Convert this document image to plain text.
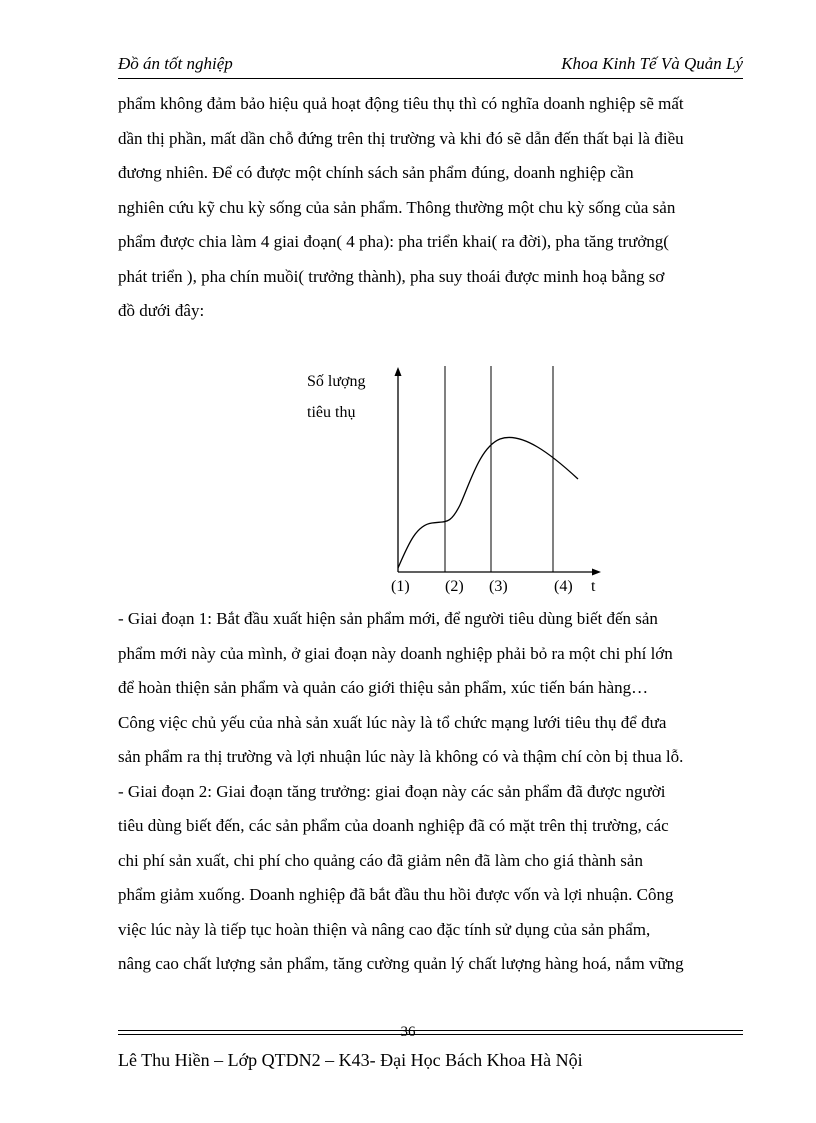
Đồ án tốt nghiệp	Khoa Kinh Tế Và Quản Lý
phẩm không đảm bảo hiệu quả hoạt động tiêu thụ thì có nghĩa doanh nghiệp sẽ mất
dần thị phần, mất dần chỗ đứng trên thị trường và khi đó sẽ dẫn đến thất bại là điều
đương nhiên. Để có được một chính sách sản phẩm đúng, doanh nghiệp cần
nghiên cứu kỹ chu kỳ sống của sản phẩm. Thông thường một chu kỳ sống của sản
phẩm được chia làm 4 giai đoạn( 4 pha): pha triển khai( ra đời), pha tăng trưởng(
phát triển ), pha chín muồi( trưởng thành), pha suy thoái được minh hoạ bằng sơ
đồ dưới đây:
Số lượng
tiêu thụ
(1) (2) (3)	(4) t
- Giai đoạn 1: Bắt đầu xuất hiện sản phẩm mới, để người tiêu dùng biết đến sản
phẩm mới này của mình, ở giai đoạn này doanh nghiệp phải bỏ ra một chi phí lớn
để hoàn thiện sản phẩm và quản cáo giới thiệu sản phẩm, xúc tiến bán hàng…
Công việc chủ yếu của nhà sản xuất lúc này là tổ chức mạng lưới tiêu thụ để đưa
sản phẩm ra thị trường và lợi nhuận lúc này là không có và thậm chí còn bị thua lỗ.
- Giai đoạn 2: Giai đoạn tăng trưởng: giai đoạn này các sản phẩm đã được người
tiêu dùng biết đến, các sản phẩm của doanh nghiệp đã có mặt trên thị trường, các
chi phí sản xuất, chi phí cho quảng cáo đã giảm nên đã làm cho giá thành sản
phẩm giảm xuống. Doanh nghiệp đã bắt đầu thu hồi được vốn và lợi nhuận. Công
việc lúc này là tiếp tục hoàn thiện và nâng cao đặc tính sử dụng của sản phẩm,
nâng cao chất lượng sản phẩm, tăng cường quản lý chất lượng hàng hoá, nắm vững
36
Lê Thu Hiền – Lớp QTDN2 – K43- Đại Học Bách Khoa Hà Nội
